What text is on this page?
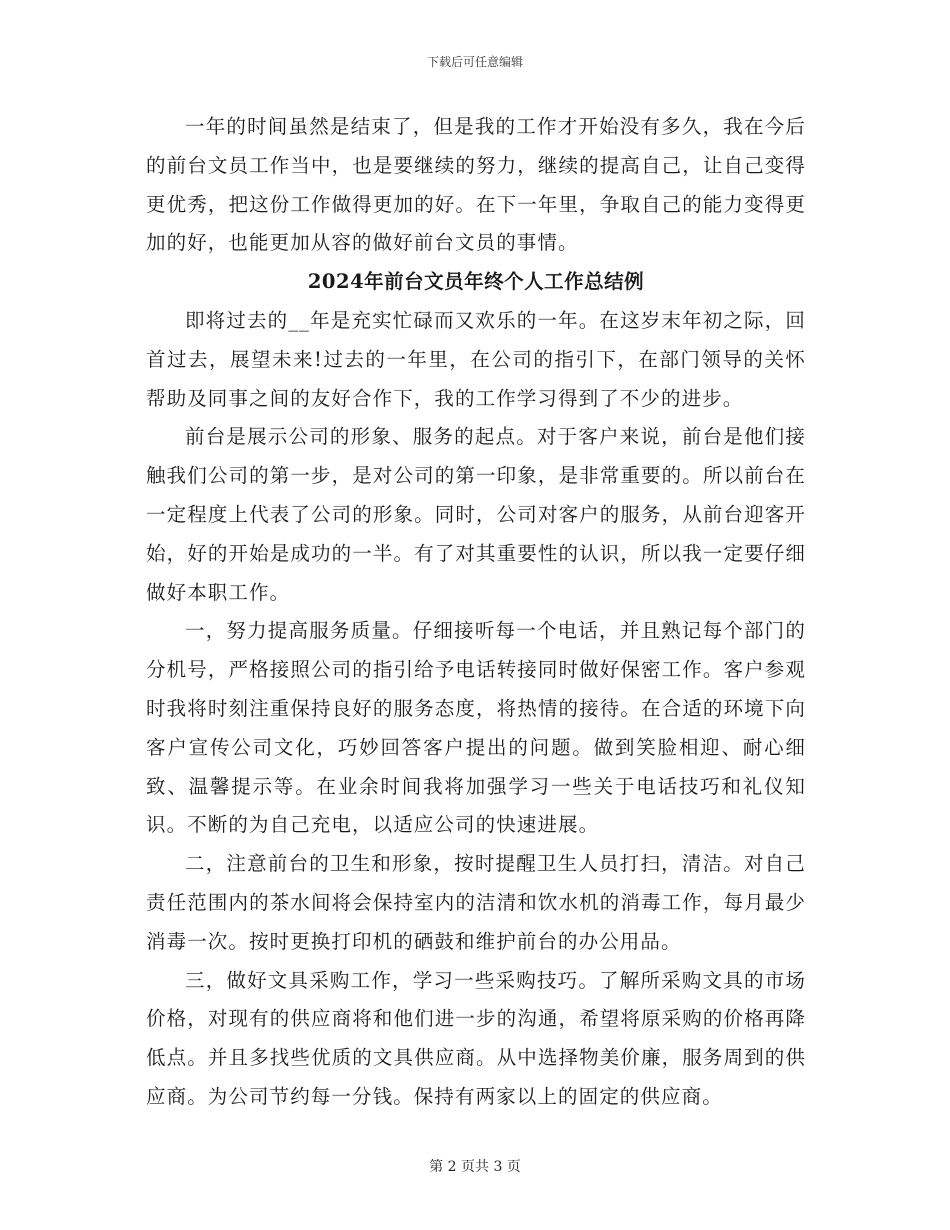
下载后可任意编辑

一年的时间虽然是结束了，但是我的工作才开始没有多久，我在今后的前台文员工作当中，也是要继续的努力，继续的提高自己，让自己变得更优秀，把这份工作做得更加的好。在下一年里，争取自己的能力变得更加的好，也能更加从容的做好前台文员的事情。

2024年前台文员年终个人工作总结例

即将过去的__年是充实忙碌而又欢乐的一年。在这岁末年初之际，回首过去，展望未来!过去的一年里，在公司的指引下，在部门领导的关怀帮助及同事之间的友好合作下，我的工作学习得到了不少的进步。

前台是展示公司的形象、服务的起点。对于客户来说，前台是他们接触我们公司的第一步，是对公司的第一印象，是非常重要的。所以前台在一定程度上代表了公司的形象。同时，公司对客户的服务，从前台迎客开始，好的开始是成功的一半。有了对其重要性的认识，所以我一定要仔细做好本职工作。

一，努力提高服务质量。仔细接听每一个电话，并且熟记每个部门的分机号，严格接照公司的指引给予电话转接同时做好保密工作。客户参观时我将时刻注重保持良好的服务态度，将热情的接待。在合适的环境下向客户宣传公司文化，巧妙回答客户提出的问题。做到笑脸相迎、耐心细致、温馨提示等。在业余时间我将加强学习一些关于电话技巧和礼仪知识。不断的为自己充电，以适应公司的快速进展。

二，注意前台的卫生和形象，按时提醒卫生人员打扫，清洁。对自己责任范围内的茶水间将会保持室内的洁清和饮水机的消毒工作，每月最少消毒一次。按时更换打印机的硒鼓和维护前台的办公用品。

三，做好文具采购工作，学习一些采购技巧。了解所采购文具的市场价格，对现有的供应商将和他们进一步的沟通，希望将原采购的价格再降低点。并且多找些优质的文具供应商。从中选择物美价廉，服务周到的供应商。为公司节约每一分钱。保持有两家以上的固定的供应商。

第 2 页共 3 页
